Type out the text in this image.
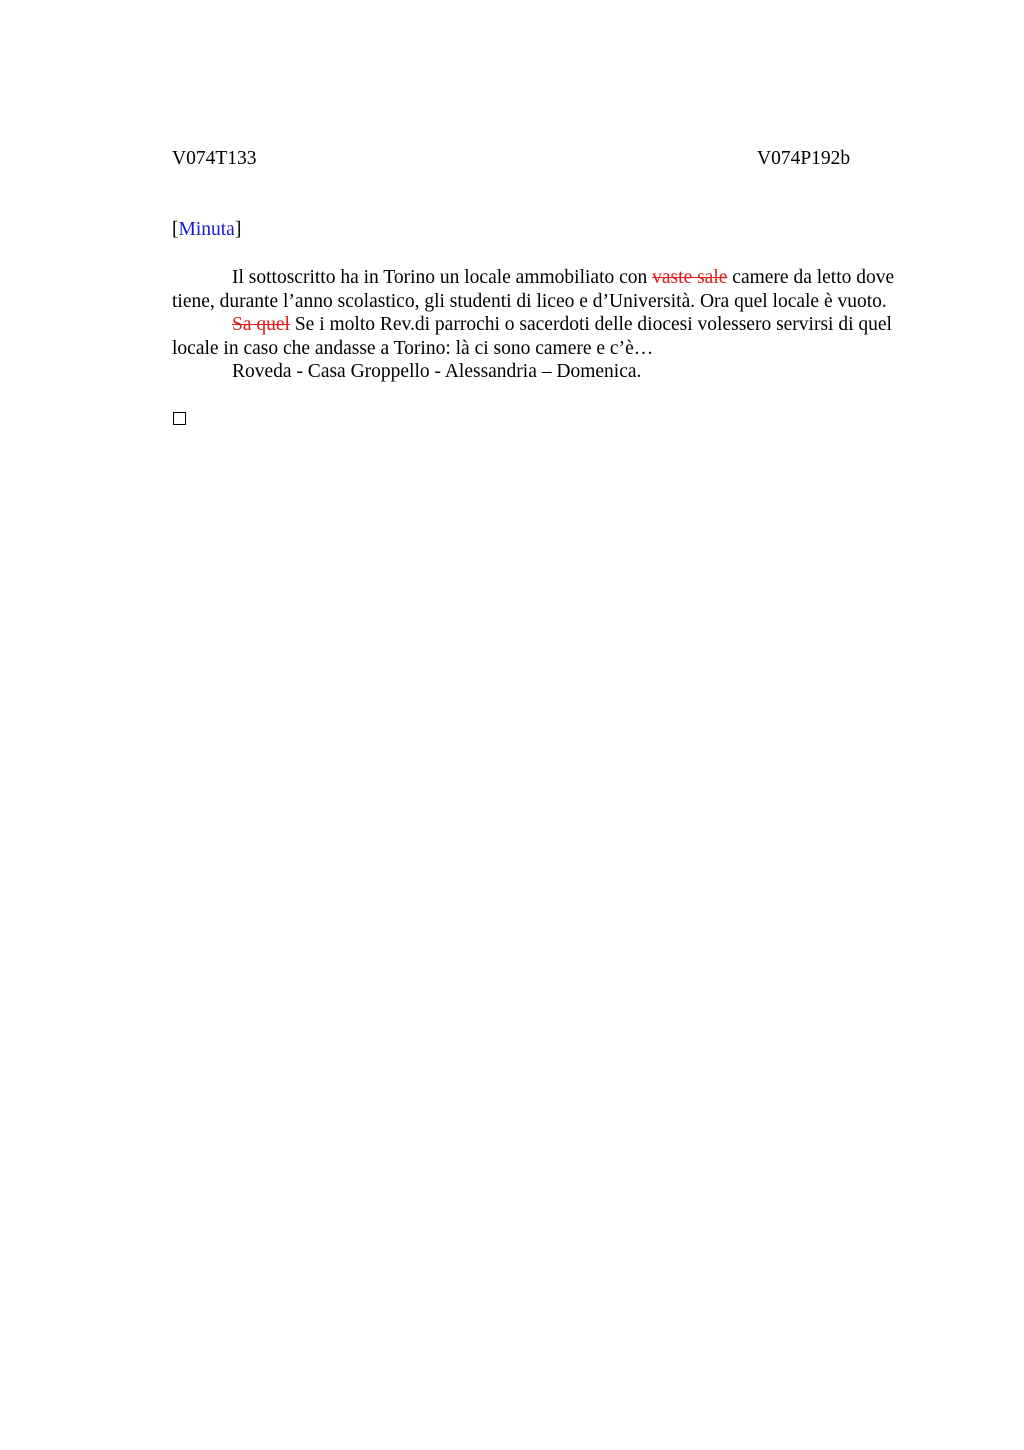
V074T133	V074P192b
[Minuta]

Il sottoscritto ha in Torino un locale ammobiliato con vaste sale camere da letto dove tiene, durante l’anno scolastico, gli studenti di liceo e d’Università. Ora quel locale è vuoto.

Sa quel Se i molto Rev.di parrochi o sacerdoti delle diocesi volessero servirsi di quel locale in caso che andasse a Torino: là ci sono camere e c’è…

Roveda - Casa Groppello - Alessandria – Domenica.
